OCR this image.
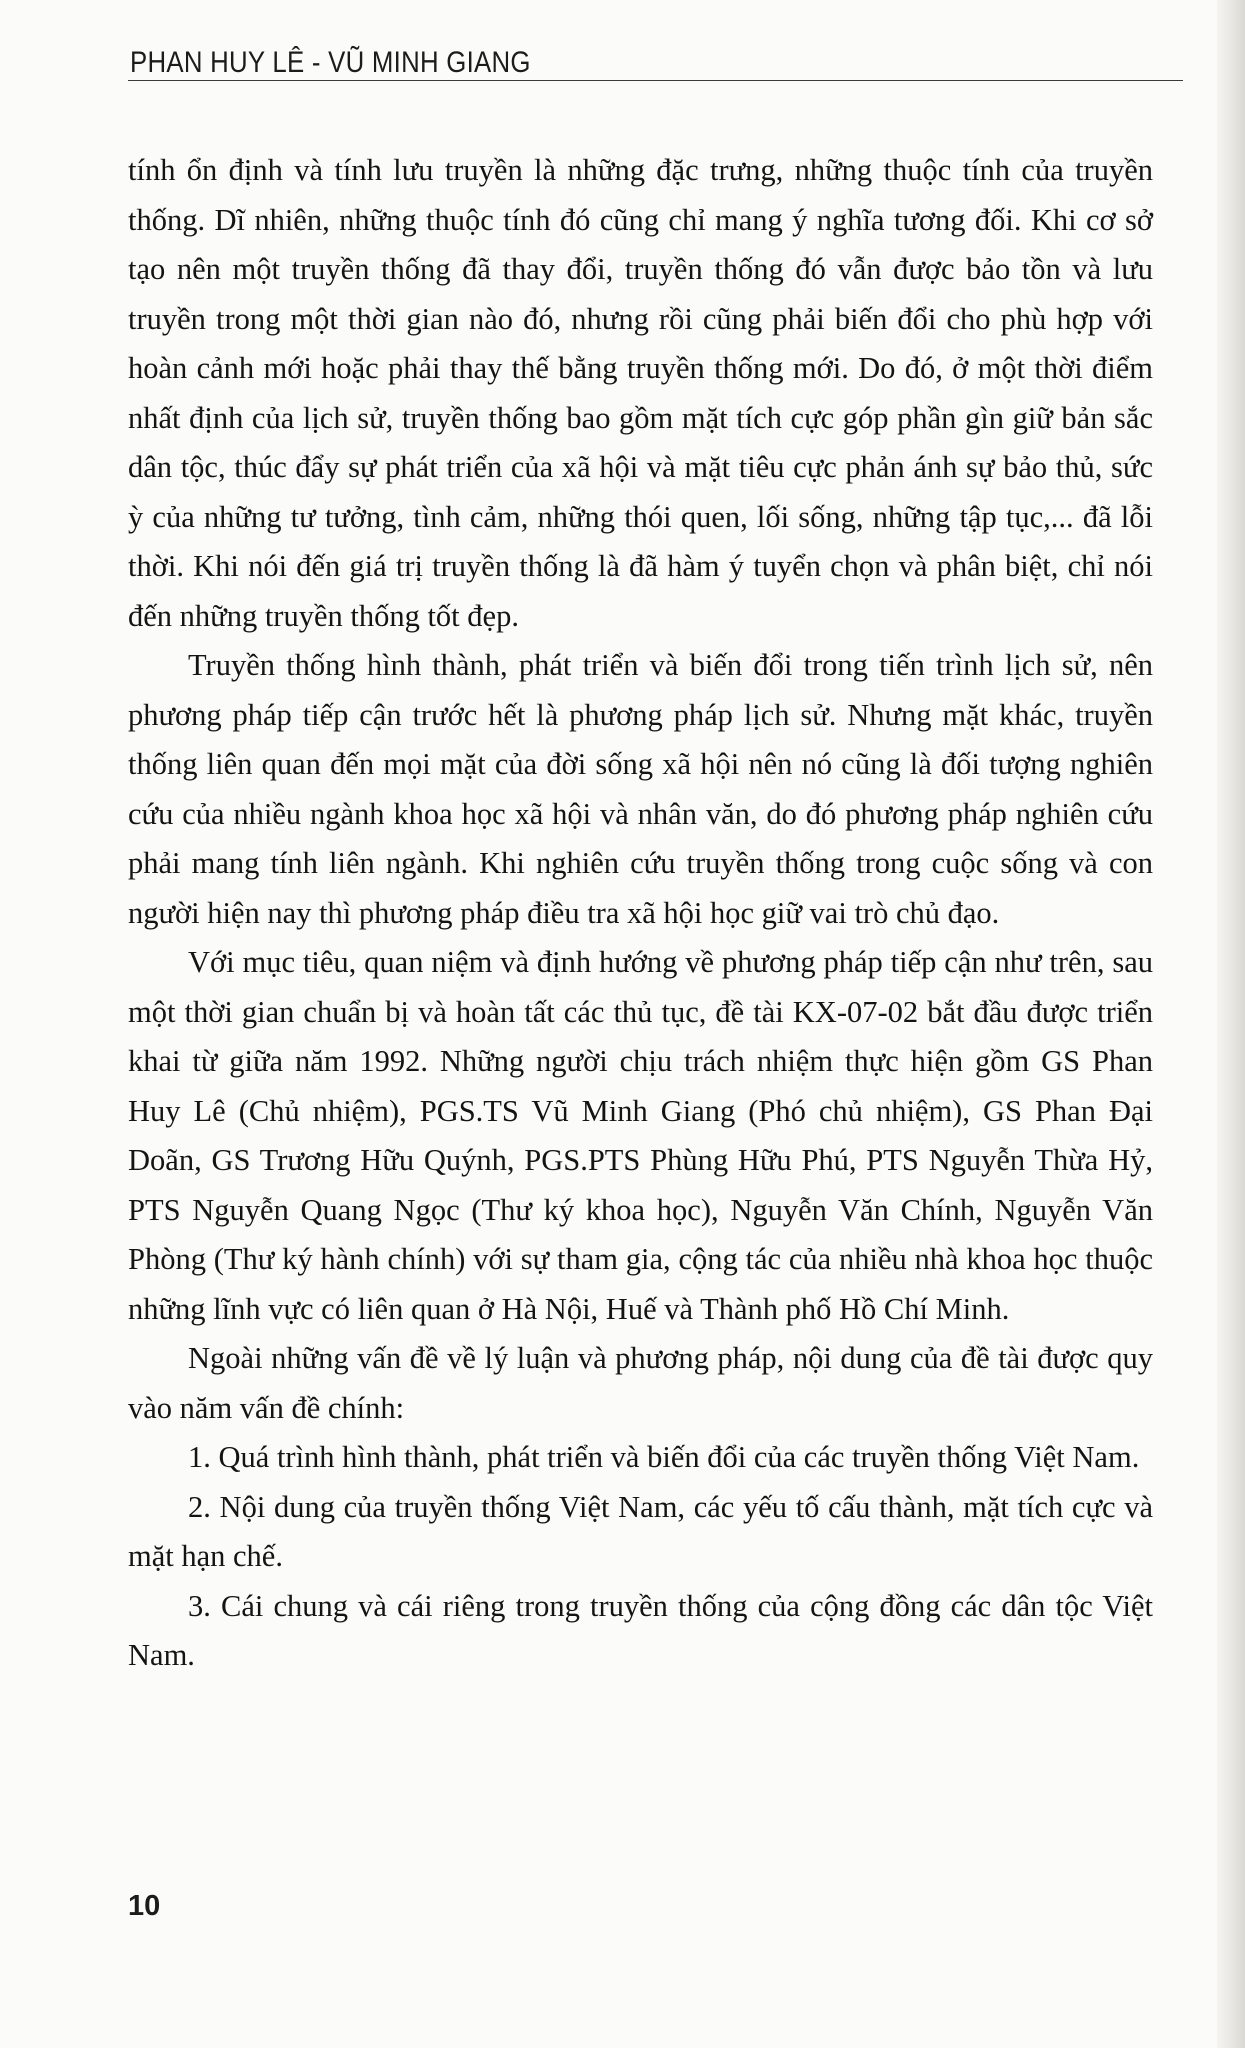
PHAN HUY LÊ - VŨ MINH GIANG

tính ổn định và tính lưu truyền là những đặc trưng, những thuộc tính của truyền thống. Dĩ nhiên, những thuộc tính đó cũng chỉ mang ý nghĩa tương đối. Khi cơ sở tạo nên một truyền thống đã thay đổi, truyền thống đó vẫn được bảo tồn và lưu truyền trong một thời gian nào đó, nhưng rồi cũng phải biến đổi cho phù hợp với hoàn cảnh mới hoặc phải thay thế bằng truyền thống mới. Do đó, ở một thời điểm nhất định của lịch sử, truyền thống bao gồm mặt tích cực góp phần gìn giữ bản sắc dân tộc, thúc đẩy sự phát triển của xã hội và mặt tiêu cực phản ánh sự bảo thủ, sức ỳ của những tư tưởng, tình cảm, những thói quen, lối sống, những tập tục,... đã lỗi thời. Khi nói đến giá trị truyền thống là đã hàm ý tuyển chọn và phân biệt, chỉ nói đến những truyền thống tốt đẹp.

Truyền thống hình thành, phát triển và biến đổi trong tiến trình lịch sử, nên phương pháp tiếp cận trước hết là phương pháp lịch sử. Nhưng mặt khác, truyền thống liên quan đến mọi mặt của đời sống xã hội nên nó cũng là đối tượng nghiên cứu của nhiều ngành khoa học xã hội và nhân văn, do đó phương pháp nghiên cứu phải mang tính liên ngành. Khi nghiên cứu truyền thống trong cuộc sống và con người hiện nay thì phương pháp điều tra xã hội học giữ vai trò chủ đạo.

Với mục tiêu, quan niệm và định hướng về phương pháp tiếp cận như trên, sau một thời gian chuẩn bị và hoàn tất các thủ tục, đề tài KX-07-02 bắt đầu được triển khai từ giữa năm 1992. Những người chịu trách nhiệm thực hiện gồm GS Phan Huy Lê (Chủ nhiệm), PGS.TS Vũ Minh Giang (Phó chủ nhiệm), GS Phan Đại Doãn, GS Trương Hữu Quýnh, PGS.PTS Phùng Hữu Phú, PTS Nguyễn Thừa Hỷ, PTS Nguyễn Quang Ngọc (Thư ký khoa học), Nguyễn Văn Chính, Nguyễn Văn Phòng (Thư ký hành chính) với sự tham gia, cộng tác của nhiều nhà khoa học thuộc những lĩnh vực có liên quan ở Hà Nội, Huế và Thành phố Hồ Chí Minh.

Ngoài những vấn đề về lý luận và phương pháp, nội dung của đề tài được quy vào năm vấn đề chính:

1. Quá trình hình thành, phát triển và biến đổi của các truyền thống Việt Nam.

2. Nội dung của truyền thống Việt Nam, các yếu tố cấu thành, mặt tích cực và mặt hạn chế.

3. Cái chung và cái riêng trong truyền thống của cộng đồng các dân tộc Việt Nam.

10
